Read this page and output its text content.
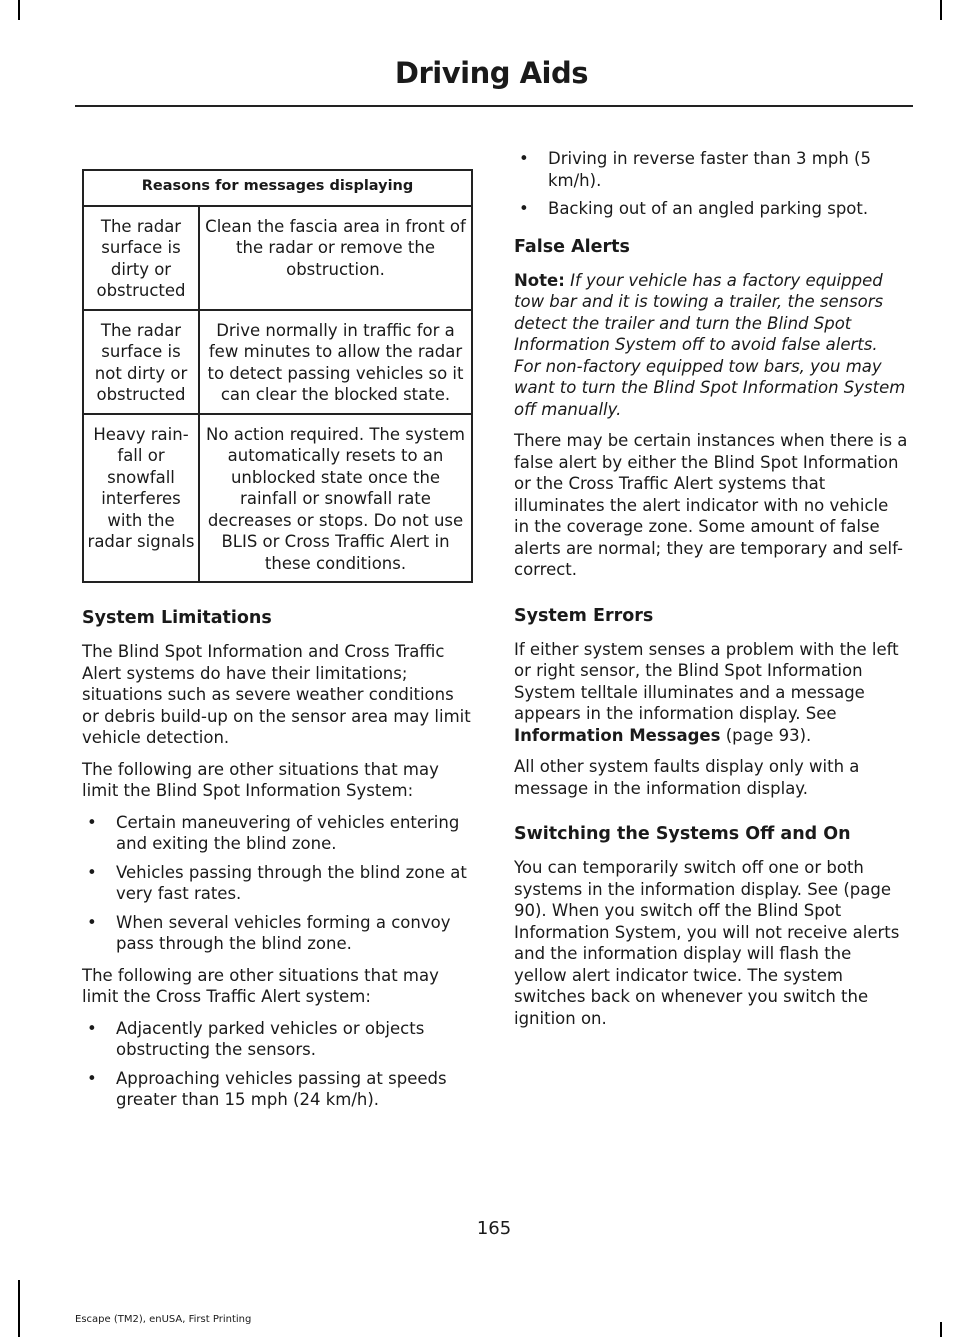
Driving Aids
Reasons for messages displaying	
The radar surface is dirty or obstructed	Clean the fascia area in front of the radar or remove the obstruction.
The radar surface is not dirty or obstructed	Drive normally in traffic for a few minutes to allow the radar to detect passing vehicles so it can clear the blocked state.
Heavy rain-fall or snowfall interferes with the radar signals	No action required. The system automatically resets to an unblocked state once the rainfall or snowfall rate decreases or stops. Do not use BLIS or Cross Traffic Alert in these conditions.
System Limitations

The Blind Spot Information and Cross Traffic Alert systems do have their limitations; situations such as severe weather conditions or debris build-up on the sensor area may limit vehicle detection.

The following are other situations that may limit the Blind Spot Information System:

• Certain maneuvering of vehicles entering and exiting the blind zone.
• Vehicles passing through the blind zone at very fast rates.
• When several vehicles forming a convoy pass through the blind zone.

The following are other situations that may limit the Cross Traffic Alert system:

• Adjacently parked vehicles or objects obstructing the sensors.
• Approaching vehicles passing at speeds greater than 15 mph (24 km/h).
• Driving in reverse faster than 3 mph (5 km/h).
• Backing out of an angled parking spot.
False Alerts

Note: If your vehicle has a factory equipped tow bar and it is towing a trailer, the sensors detect the trailer and turn the Blind Spot Information System off to avoid false alerts. For non-factory equipped tow bars, you may want to turn the Blind Spot Information System off manually.

There may be certain instances when there is a false alert by either the Blind Spot Information or the Cross Traffic Alert systems that illuminates the alert indicator with no vehicle in the coverage zone. Some amount of false alerts are normal; they are temporary and self-correct.

System Errors

If either system senses a problem with the left or right sensor, the Blind Spot Information System telltale illuminates and a message appears in the information display. See Information Messages (page 93).

All other system faults display only with a message in the information display.

Switching the Systems Off and On

You can temporarily switch off one or both systems in the information display. See (page 90). When you switch off the Blind Spot Information System, you will not receive alerts and the information display will flash the yellow alert indicator twice. The system switches back on whenever you switch the ignition on.

165
Escape (TM2), enUSA, First Printing
